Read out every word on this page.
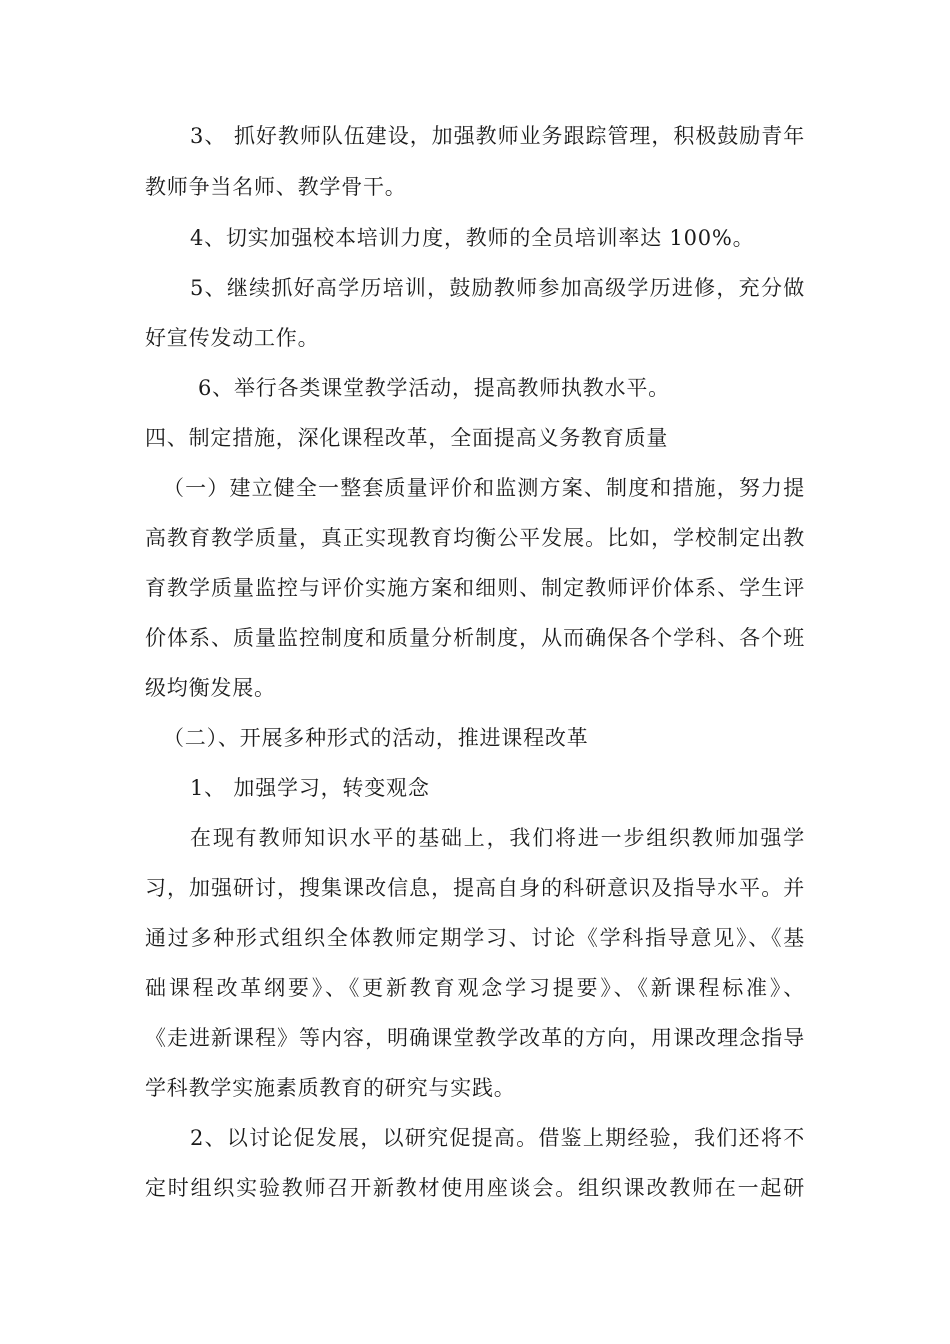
3、 抓好教师队伍建设，加强教师业务跟踪管理，积极鼓励青年
教师争当名师、教学骨干。
4、切实加强校本培训力度，教师的全员培训率达 100%。
5、继续抓好高学历培训，鼓励教师参加高级学历进修，充分做
好宣传发动工作。
6、举行各类课堂教学活动，提高教师执教水平。
四、制定措施，深化课程改革，全面提高义务教育质量
（一）建立健全一整套质量评价和监测方案、制度和措施，努力提
高教育教学质量，真正实现教育均衡公平发展。比如，学校制定出教
育教学质量监控与评价实施方案和细则、制定教师评价体系、学生评
价体系、质量监控制度和质量分析制度，从而确保各个学科、各个班
级均衡发展。
（二）、开展多种形式的活动，推进课程改革
1、 加强学习，转变观念
在现有教师知识水平的基础上，我们将进一步组织教师加强学
习，加强研讨，搜集课改信息，提高自身的科研意识及指导水平。并
通过多种形式组织全体教师定期学习、讨论《学科指导意见》、《基
础课程改革纲要》、《更新教育观念学习提要》、《新课程标准》、
《走进新课程》等内容，明确课堂教学改革的方向，用课改理念指导
学科教学实施素质教育的研究与实践。
2、以讨论促发展，以研究促提高。借鉴上期经验，我们还将不
定时组织实验教师召开新教材使用座谈会。组织课改教师在一起研
